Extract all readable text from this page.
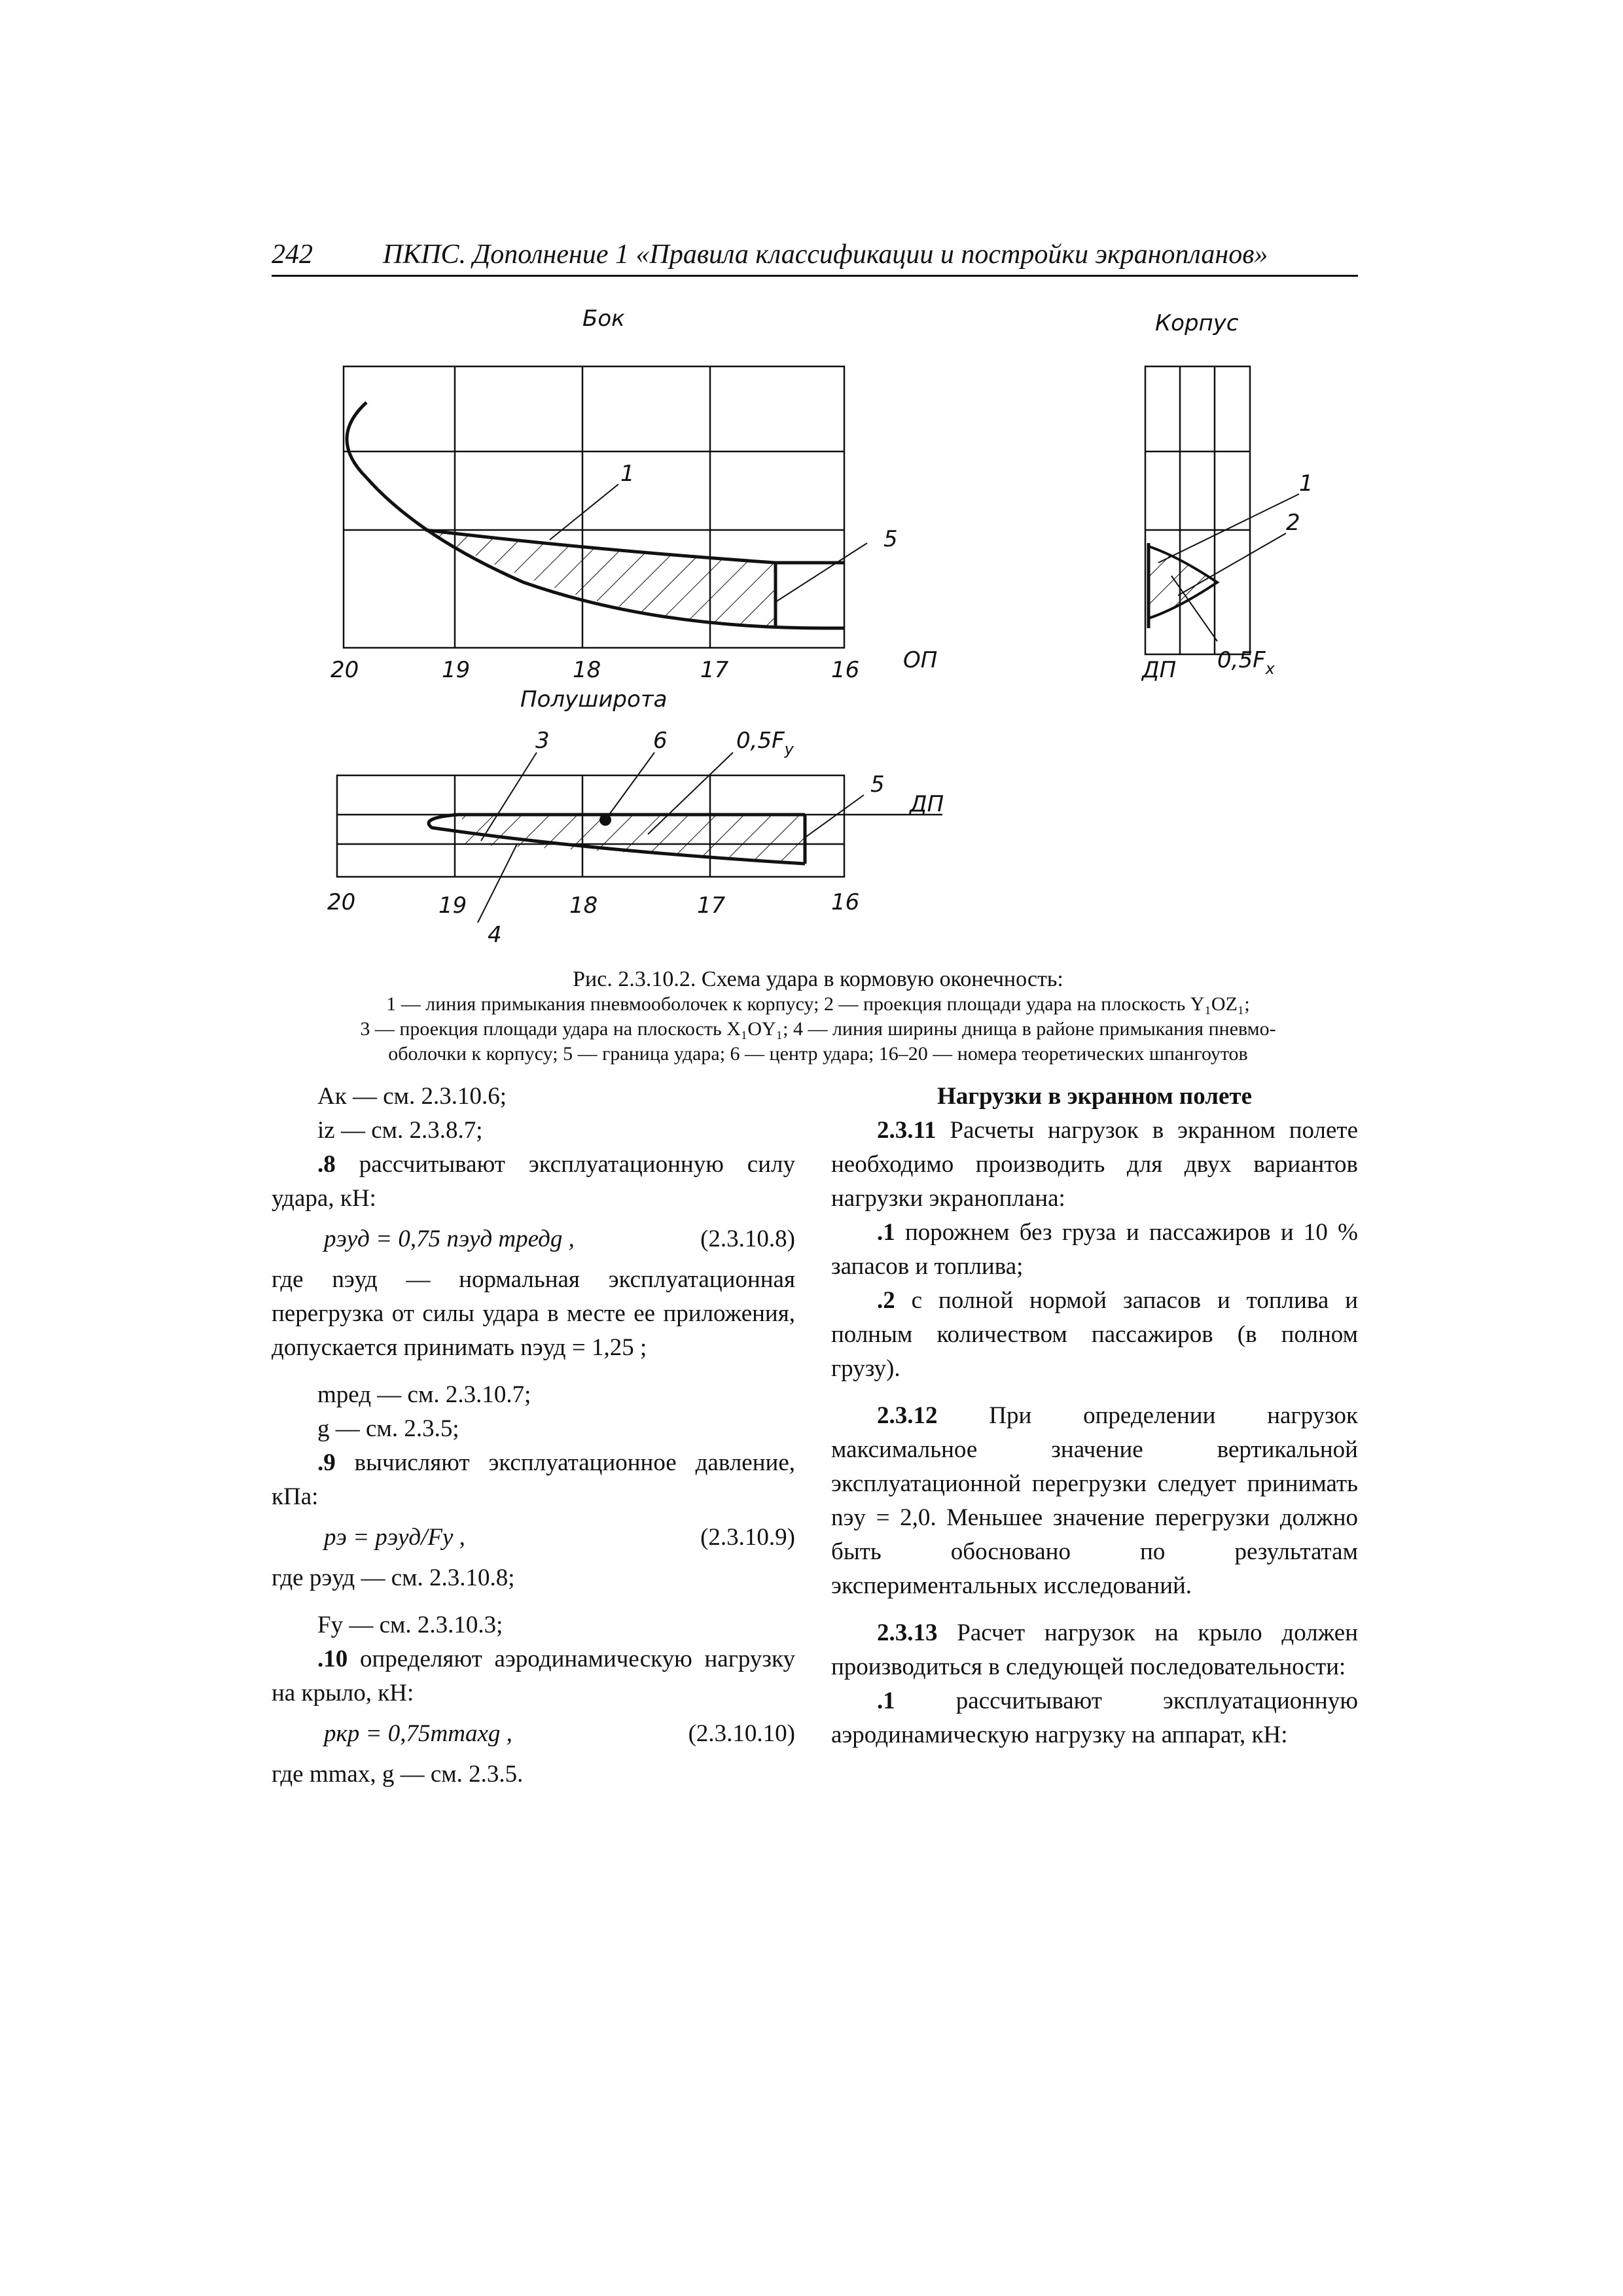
242	ПКПС. Дополнение 1 «Правила классификации и постройки экранопланов»
Бок
1
5
20	19	18	17	16 ОП
Корпус
1
2
ДП $0,5F_x$
Полуширота
3	6	$0,5F_y$
5
ДП
4
20	19	18	17	16
Рис. 2.3.10.2. Схема удара в кормовую оконечность:
1 — линия примыкания пневмооболочек к корпусу; 2 — проекция площади удара на плоскость Y₁OZ₁;
3 — проекция площади удара на плоскость X₁OY₁; 4 — линия ширины днища в районе примыкания пневмо-
оболочки к корпусу; 5 — граница удара; 6 — центр удара; 16–20 — номера теоретических шпангоутов

Ак — см. 2.3.10.6;

iz — см. 2.3.8.7;

.8 рассчитывают эксплуатационную силу удара, кН:

pэуд = 0,75 nэуд mредg ,	(2.3.10.8)

где nэуд — нормальная эксплуатационная перегрузка от силы удара в месте ее приложения, допускается принимать nэуд = 1,25 ;

mред — см. 2.3.10.7;

g — см. 2.3.5;

.9 вычисляют эксплуатационное давление, кПа:

pэ = pэуд/Fy ,	(2.3.10.9)

где pэуд — см. 2.3.10.8;

Fy — см. 2.3.10.3;

.10 определяют аэродинамическую нагрузку на крыло, кН:

pкр = 0,75mmaxg ,	(2.3.10.10)

где mmax, g — см. 2.3.5.

Нагрузки в экранном полете

2.3.11 Расчеты нагрузок в экранном полете необходимо производить для двух вариантов нагрузки экраноплана:

.1 порожнем без груза и пассажиров и 10 % запасов и топлива;

.2 с полной нормой запасов и топлива и полным количеством пассажиров (в полном грузу).

2.3.12 При определении нагрузок максимальное значение вертикальной эксплуатационной перегрузки следует принимать nэy = 2,0. Меньшее значение перегрузки должно быть обосновано по результатам экспериментальных исследований.

2.3.13 Расчет нагрузок на крыло должен производиться в следующей последовательности:

.1 рассчитывают эксплуатационную аэродинамическую нагрузку на аппарат, кН:
